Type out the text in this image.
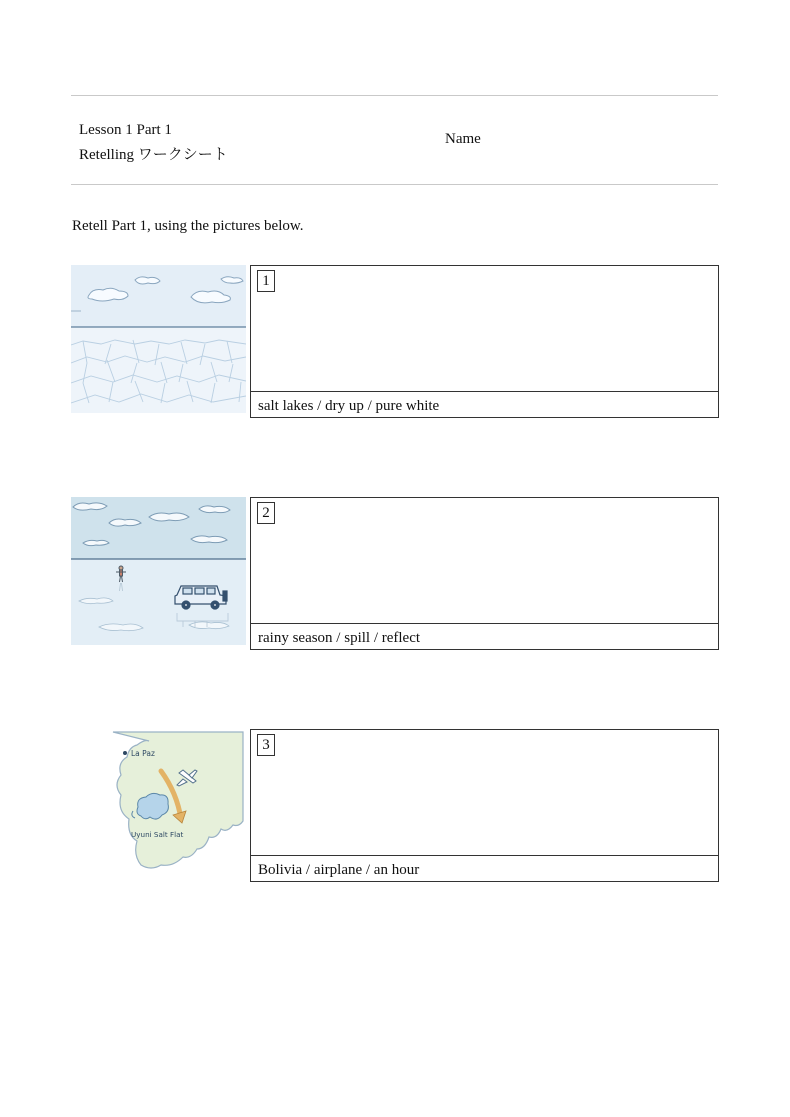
Lesson 1 Part 1
Retelling ワークシート
Name
Retell Part 1, using the pictures below.
1
salt lakes / dry up / pure white
2
rainy season / spill / reflect
La Paz
Uyuni Salt Flat
3
Bolivia / airplane / an hour
